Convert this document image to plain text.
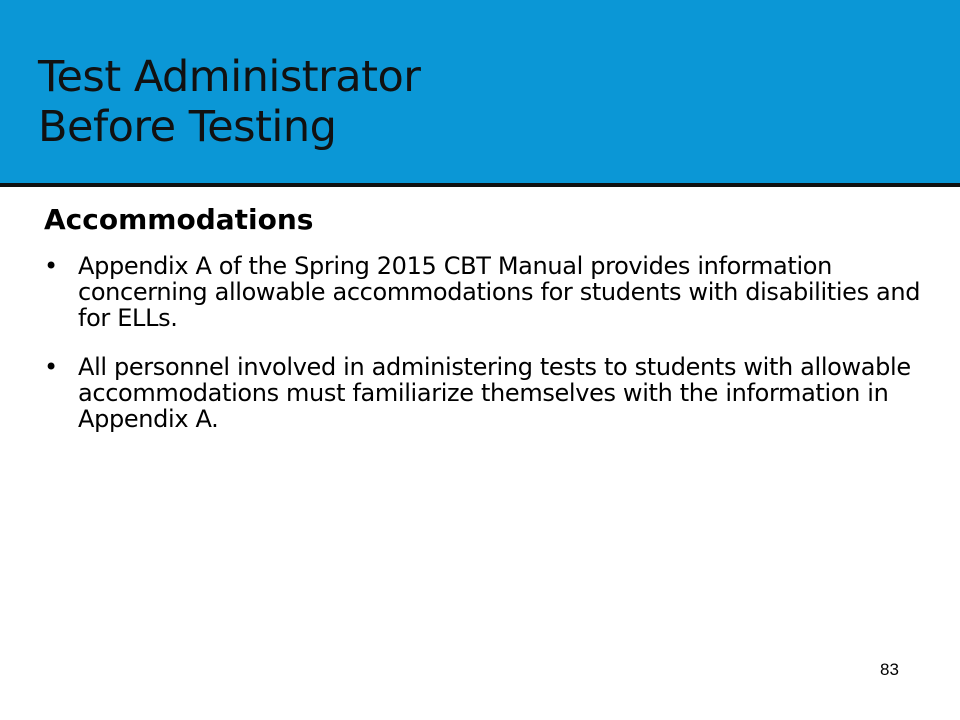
Test Administrator
Before Testing
Accommodations
• Appendix A of the Spring 2015 CBT Manual provides information concerning allowable accommodations for students with disabilities and for ELLs.
• All personnel involved in administering tests to students with allowable accommodations must familiarize themselves with the information in Appendix A.
83
